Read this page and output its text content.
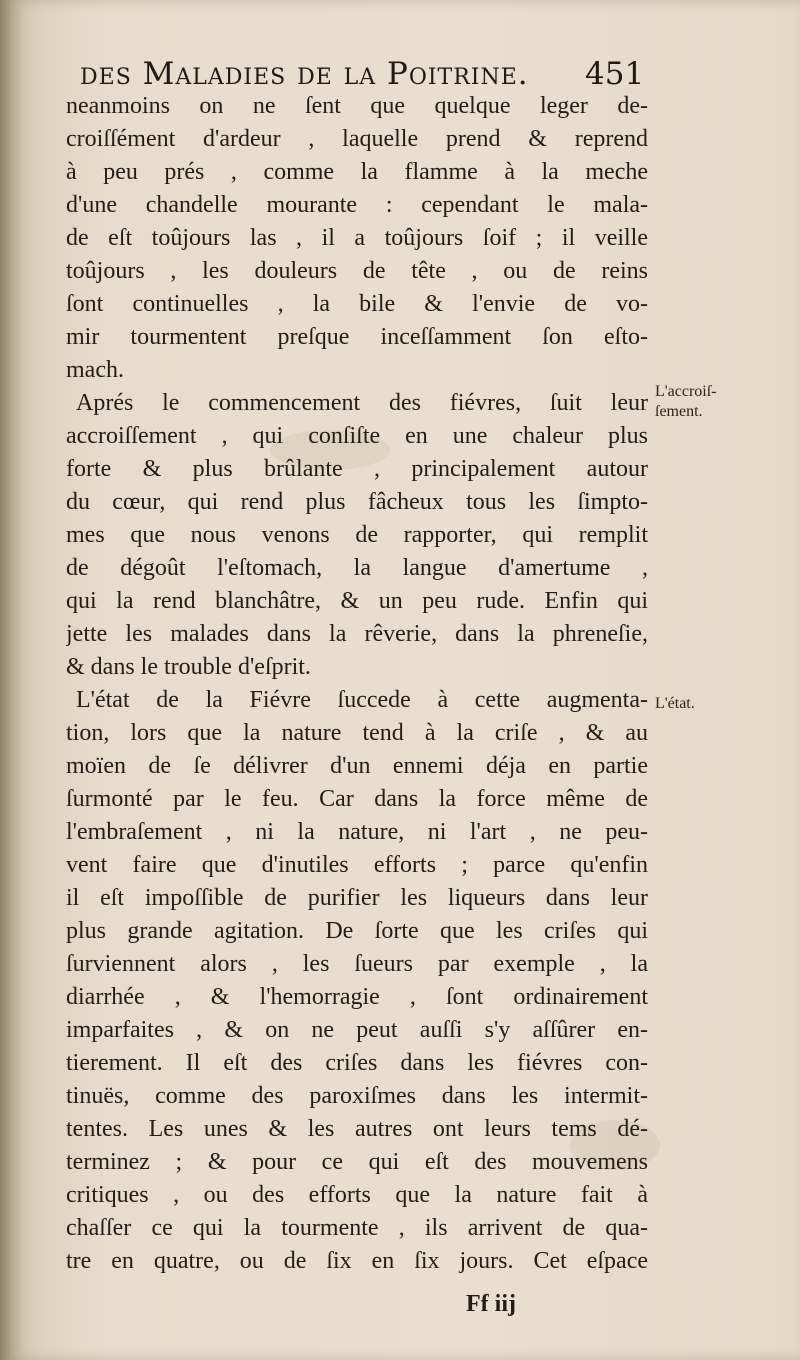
des Maladies de la Poitrine.	451
neanmoins on ne ſent que quelque leger de-
croiſſément d'ardeur , laquelle prend & reprend
à peu prés , comme la flamme à la meche
d'une chandelle mourante : cependant le mala-
de eſt toûjours las , il a toûjours ſoif ; il veille
toûjours , les douleurs de tête , ou de reins
ſont continuelles , la bile & l'envie de vo-
mir tourmentent preſque inceſſamment ſon eſto-
mach.
Aprés le commencement des fiévres, ſuit leur
accroiſſement , qui conſiſte en une chaleur plus
forte & plus brûlante , principalement autour
du cœur, qui rend plus fâcheux tous les ſimpto-
mes que nous venons de rapporter, qui remplit
de dégoût l'eſtomach, la langue d'amertume ,
qui la rend blanchâtre, & un peu rude. Enfin qui
jette les malades dans la rêverie, dans la phreneſie,
& dans le trouble d'eſprit.
L'état de la Fiévre ſuccede à cette augmenta-
tion, lors que la nature tend à la criſe , & au
moïen de ſe délivrer d'un ennemi déja en partie
ſurmonté par le feu. Car dans la force même de
l'embraſement , ni la nature, ni l'art , ne peu-
vent faire que d'inutiles efforts ; parce qu'enfin
il eſt impoſſible de purifier les liqueurs dans leur
plus grande agitation. De ſorte que les criſes qui
ſurviennent alors , les ſueurs par exemple , la
diarrhée , & l'hemorragie , ſont ordinairement
imparfaites , & on ne peut auſſi s'y aſſûrer en-
tierement. Il eſt des criſes dans les fiévres con-
tinuës, comme des paroxiſmes dans les intermit-
tentes. Les unes & les autres ont leurs tems dé-
terminez ; & pour ce qui eſt des mouvemens
critiques , ou des efforts que la nature fait à
chaſſer ce qui la tourmente , ils arrivent de qua-
tre en quatre, ou de ſix en ſix jours. Cet eſpace
L'accroiſ-
ſement.
L'état.
Ff iij
